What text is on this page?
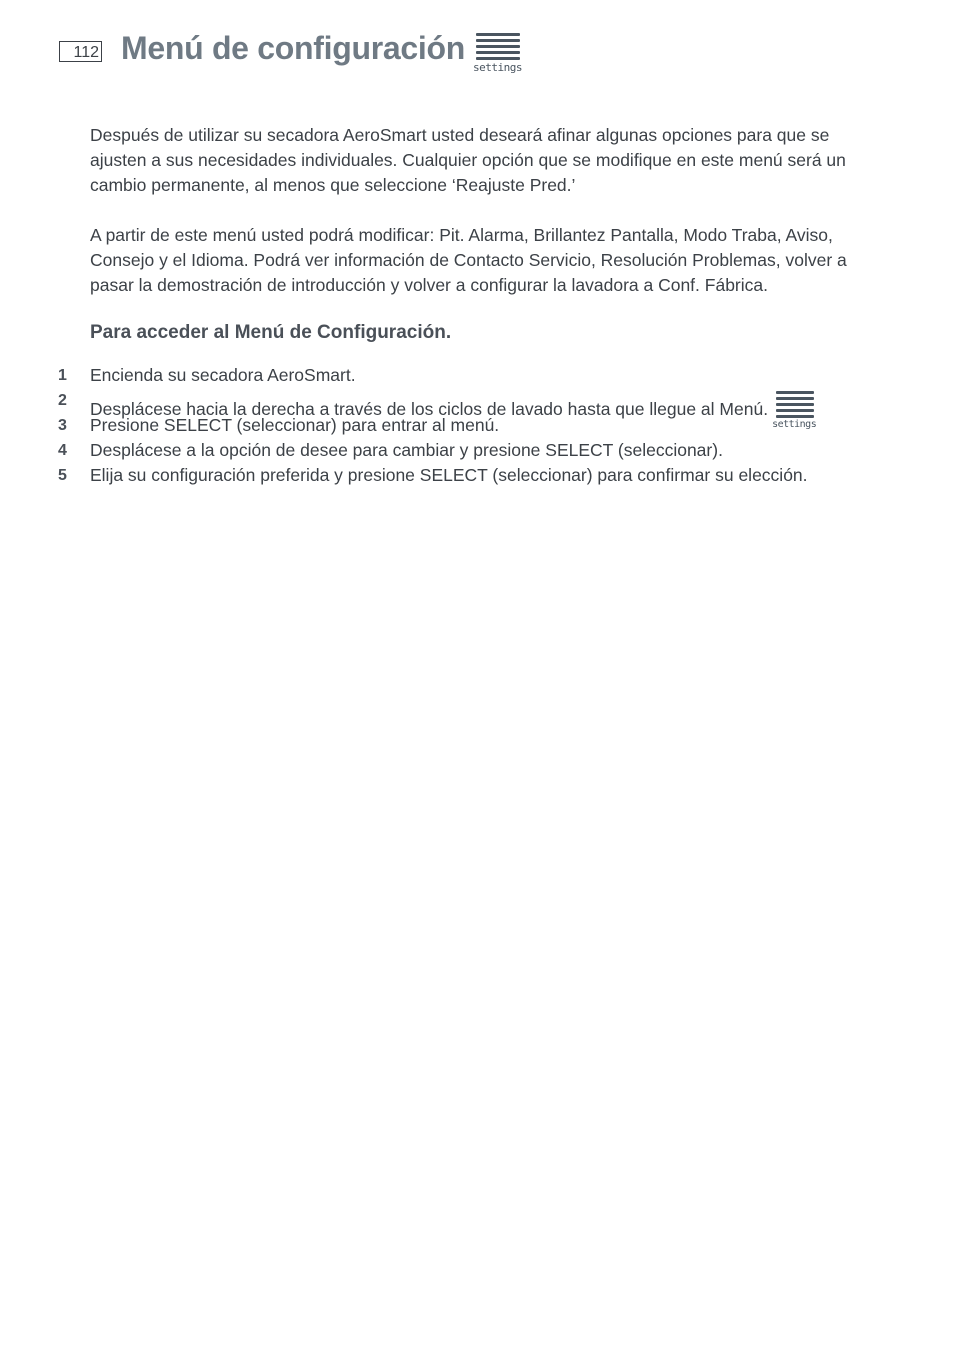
112 Menú de configuración
settings

Después de utilizar su secadora AeroSmart usted deseará afinar algunas opciones para que se ajusten a sus necesidades individuales. Cualquier opción que se modifique en este menú será un cambio permanente, al menos que seleccione ‘Reajuste Pred.’

A partir de este menú usted podrá modificar: Pit. Alarma, Brillantez Pantalla, Modo Traba, Aviso, Consejo y el Idioma. Podrá ver información de Contacto Servicio, Resolución Problemas, volver a pasar la demostración de introducción y volver a configurar la lavadora a Conf. Fábrica.

Para acceder al Menú de Configuración.
1 Encienda su secadora AeroSmart.
2 Desplácese hacia la derecha a través de los ciclos de lavado hasta que llegue al Menú.
settings
3 Presione SELECT (seleccionar) para entrar al menú.
4 Desplácese a la opción de desee para cambiar y presione SELECT (seleccionar).
5 Elija su configuración preferida y presione SELECT (seleccionar) para confirmar su elección.
